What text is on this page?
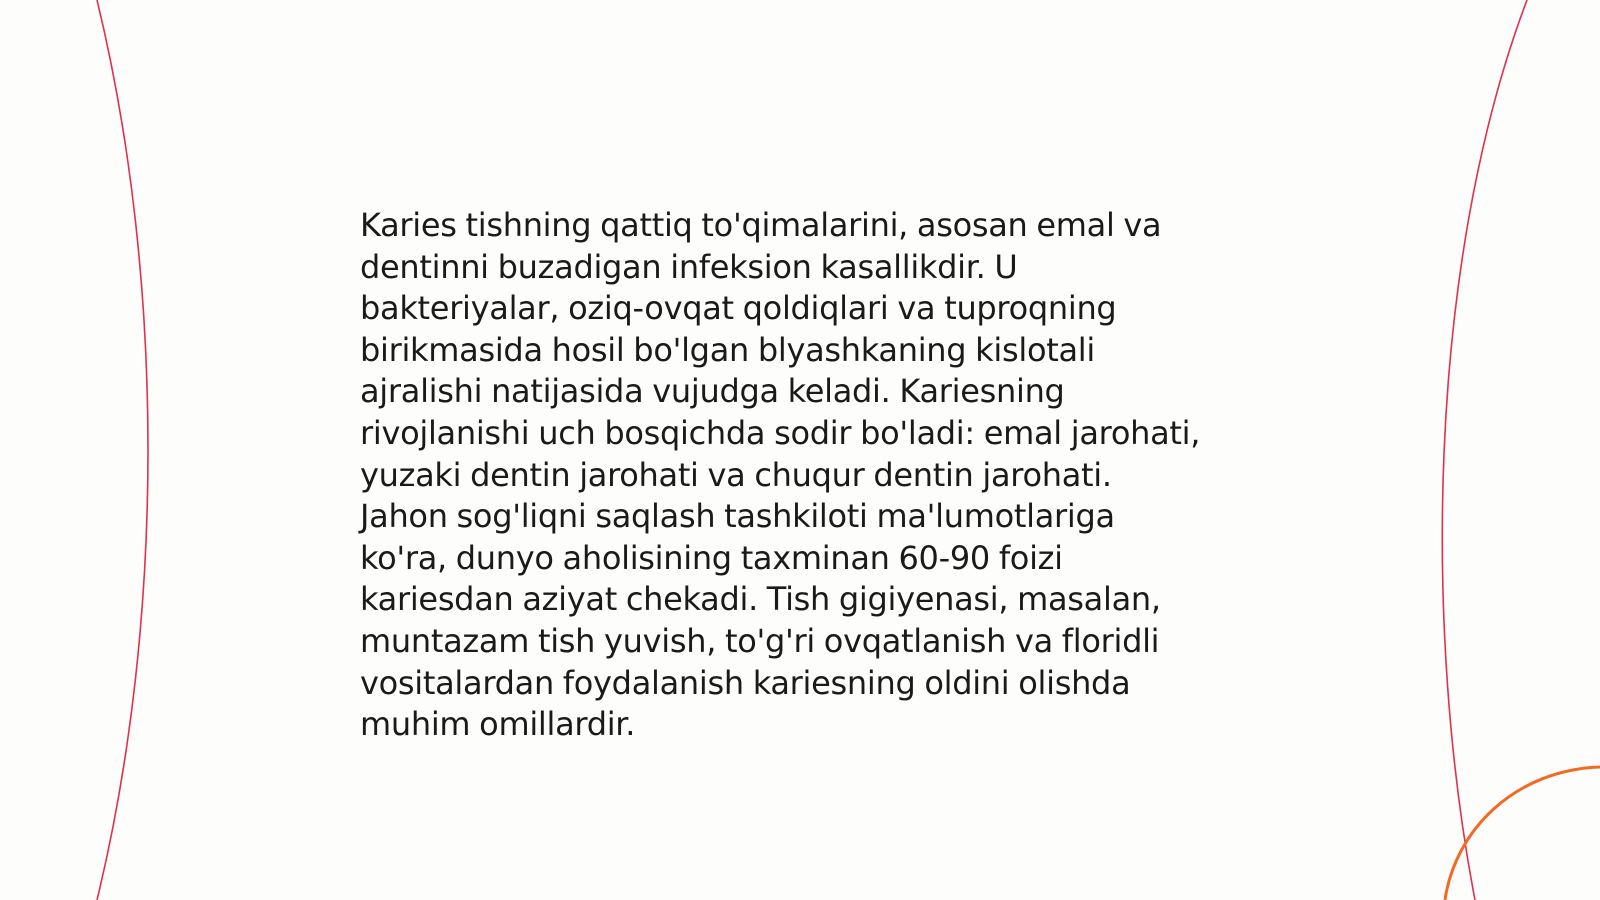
Karies tishning qattiq to'qimalarini, asosan emal va
dentinni buzadigan infeksion kasallikdir. U
bakteriyalar, oziq-ovqat qoldiqlari va tuproqning
birikmasida hosil bo'lgan blyashkaning kislotali
ajralishi natijasida vujudga keladi. Kariesning
rivojlanishi uch bosqichda sodir bo'ladi: emal jarohati,
yuzaki dentin jarohati va chuqur dentin jarohati.
Jahon sog'liqni saqlash tashkiloti ma'lumotlariga
ko'ra, dunyo aholisining taxminan 60-90 foizi
kariesdan aziyat chekadi. Tish gigiyenasi, masalan,
muntazam tish yuvish, to'g'ri ovqatlanish va floridli
vositalardan foydalanish kariesning oldini olishda
muhim omillardir.
